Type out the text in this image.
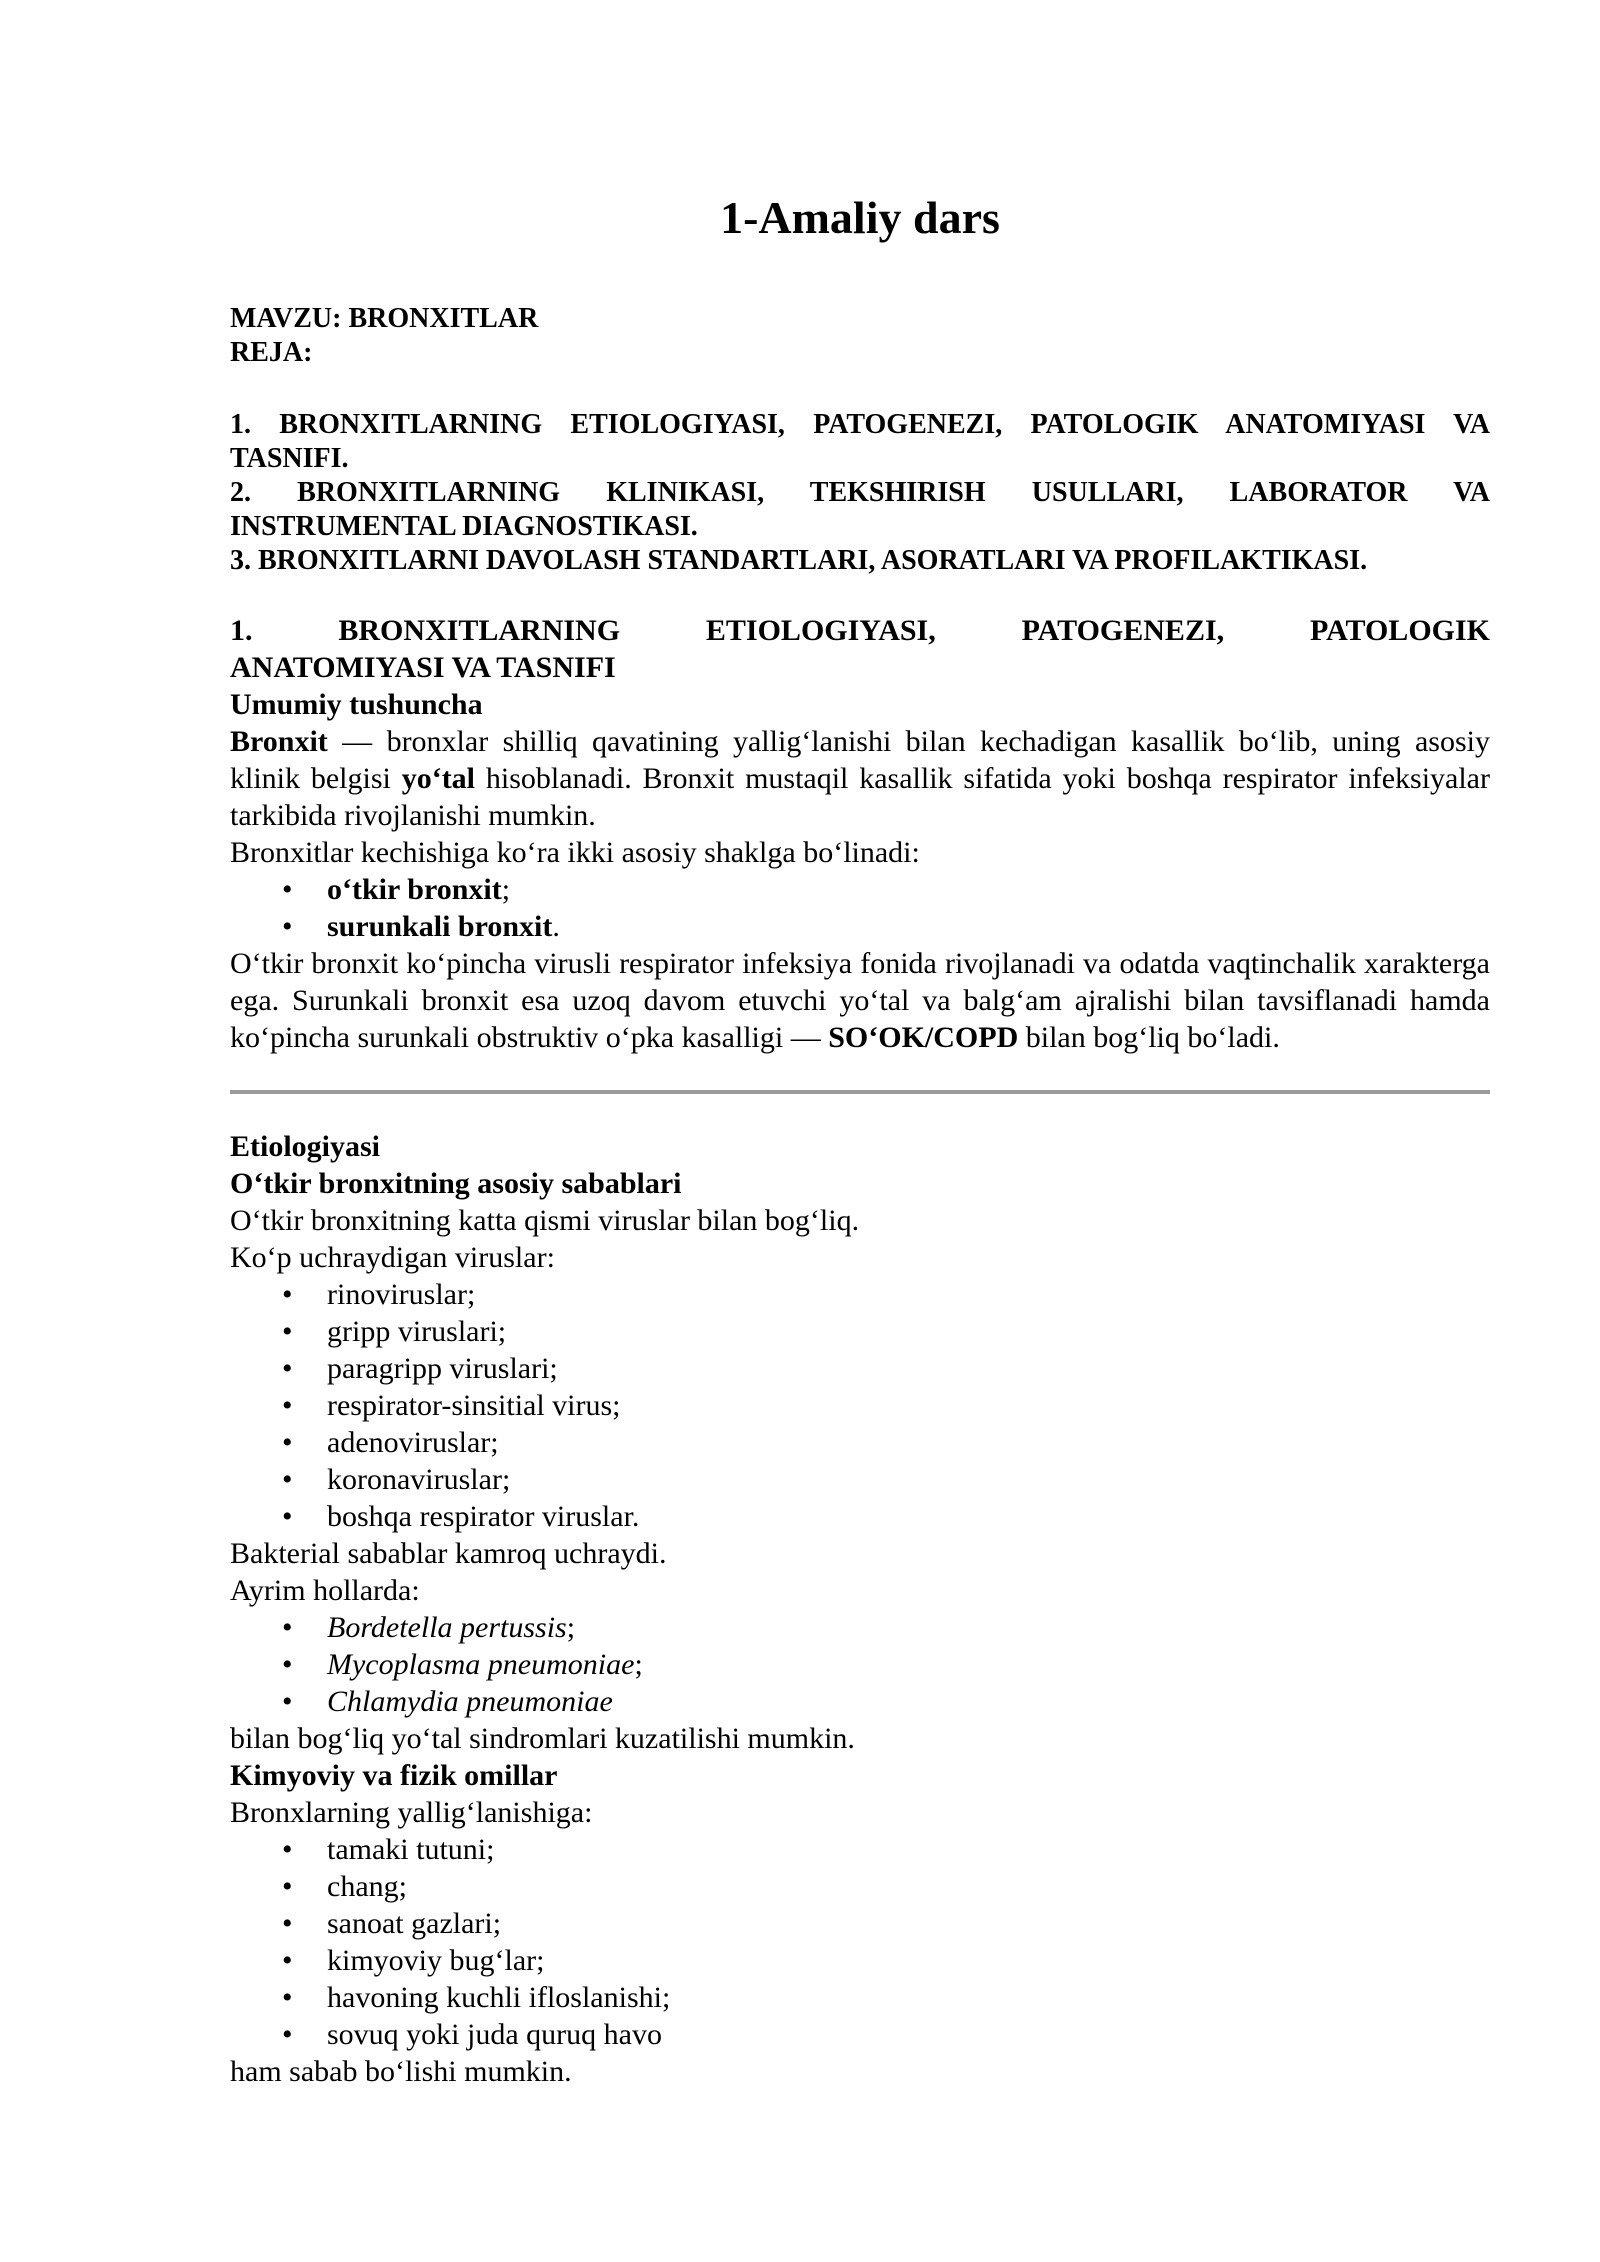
1-Amaliy dars

MAVZU: BRONXITLAR

REJA:

1. BRONXITLARNING ETIOLOGIYASI, PATOGENEZI, PATOLOGIK ANATOMIYASI VA

TASNIFI.

2. BRONXITLARNING KLINIKASI, TEKSHIRISH USULLARI, LABORATOR VA

INSTRUMENTAL DIAGNOSTIKASI.

3. BRONXITLARNI DAVOLASH STANDARTLARI, ASORATLARI VA PROFILAKTIKASI.

1.	BRONXITLARNING	ETIOLOGIYASI,	PATOGENEZI,	PATOLOGIK

ANATOMIYASI VA TASNIFI

Umumiy tushuncha

Bronxit — bronxlar shilliq qavatining yallig‘lanishi bilan kechadigan kasallik bo‘lib, uning asosiy klinik belgisi yo‘tal hisoblanadi. Bronxit mustaqil kasallik sifatida yoki boshqa respirator infeksiyalar tarkibida rivojlanishi mumkin.

Bronxitlar kechishiga ko‘ra ikki asosiy shaklga bo‘linadi:

• o‘tkir bronxit;
• surunkali bronxit.

O‘tkir bronxit ko‘pincha virusli respirator infeksiya fonida rivojlanadi va odatda vaqtinchalik xarakterga ega. Surunkali bronxit esa uzoq davom etuvchi yo‘tal va balg‘am ajralishi bilan tavsiflanadi hamda ko‘pincha surunkali obstruktiv o‘pka kasalligi — SO‘OK/COPD bilan bog‘liq bo‘ladi.

Etiologiyasi

O‘tkir bronxitning asosiy sabablari

O‘tkir bronxitning katta qismi viruslar bilan bog‘liq.

Ko‘p uchraydigan viruslar:

• rinoviruslar;
• gripp viruslari;
• paragripp viruslari;
• respirator-sinsitial virus;
• adenoviruslar;
• koronaviruslar;
• boshqa respirator viruslar.

Bakterial sabablar kamroq uchraydi.

Ayrim hollarda:

• Bordetella pertussis;
• Mycoplasma pneumoniae;
• Chlamydia pneumoniae

bilan bog‘liq yo‘tal sindromlari kuzatilishi mumkin.

Kimyoviy va fizik omillar

Bronxlarning yallig‘lanishiga:

• tamaki tutuni;
• chang;
• sanoat gazlari;
• kimyoviy bug‘lar;
• havoning kuchli ifloslanishi;
• sovuq yoki juda quruq havo

ham sabab bo‘lishi mumkin.
